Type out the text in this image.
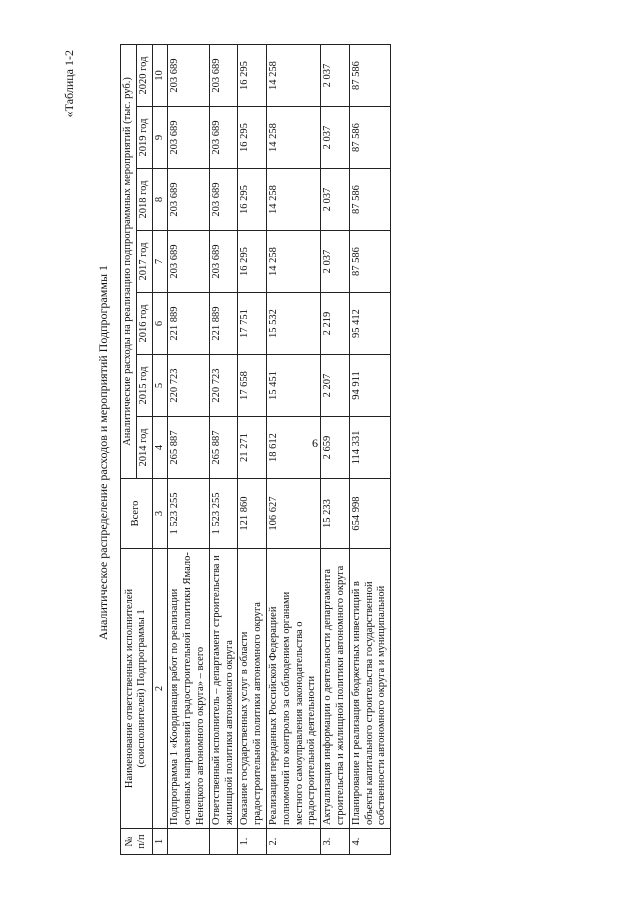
6
«Таблица 1-2
Аналитическое распределение расходов и мероприятий Подпрограммы 1
№ п/п	Наименование ответственных исполнителей (соисполнителей) Подпрограммы 1	Всего	Аналитические расходы на реализацию подпрограммных мероприятий (тыс. руб.)						
			2014 год	2015 год	2016 год	2017 год	2018 год	2019 год	2020 год
1	2	3	4	5	6	7	8	9	10
	Подпрограмма 1 «Координация работ по реализации основных направлений градостроительной политики Ямало-Ненецкого автономного округа» – всего	1 523 255	265 887	220 723	221 889	203 689	203 689	203 689	203 689
	Ответственный исполнитель – департамент строительства и жилищной политики автономного округа	1 523 255	265 887	220 723	221 889	203 689	203 689	203 689	203 689
1.	Оказание государственных услуг в области градостроительной политики автономного округа	121 860	21 271	17 658	17 751	16 295	16 295	16 295	16 295
2.	Реализация переданных Российской Федерацией полномочий по контролю за соблюдением органами местного самоуправления законодательства о градостроительной деятельности	106 627	18 612	15 451	15 532	14 258	14 258	14 258	14 258
3.	Актуализация информации о деятельности департамента строительства и жилищной политики автономного округа	15 233	2 659	2 207	2 219	2 037	2 037	2 037	2 037
4.	Планирование и реализация бюджетных инвестиций в объекты капитального строительства государственной собственности автономного округа и муниципальной	654 998	114 331	94 911	95 412	87 586	87 586	87 586	87 586
